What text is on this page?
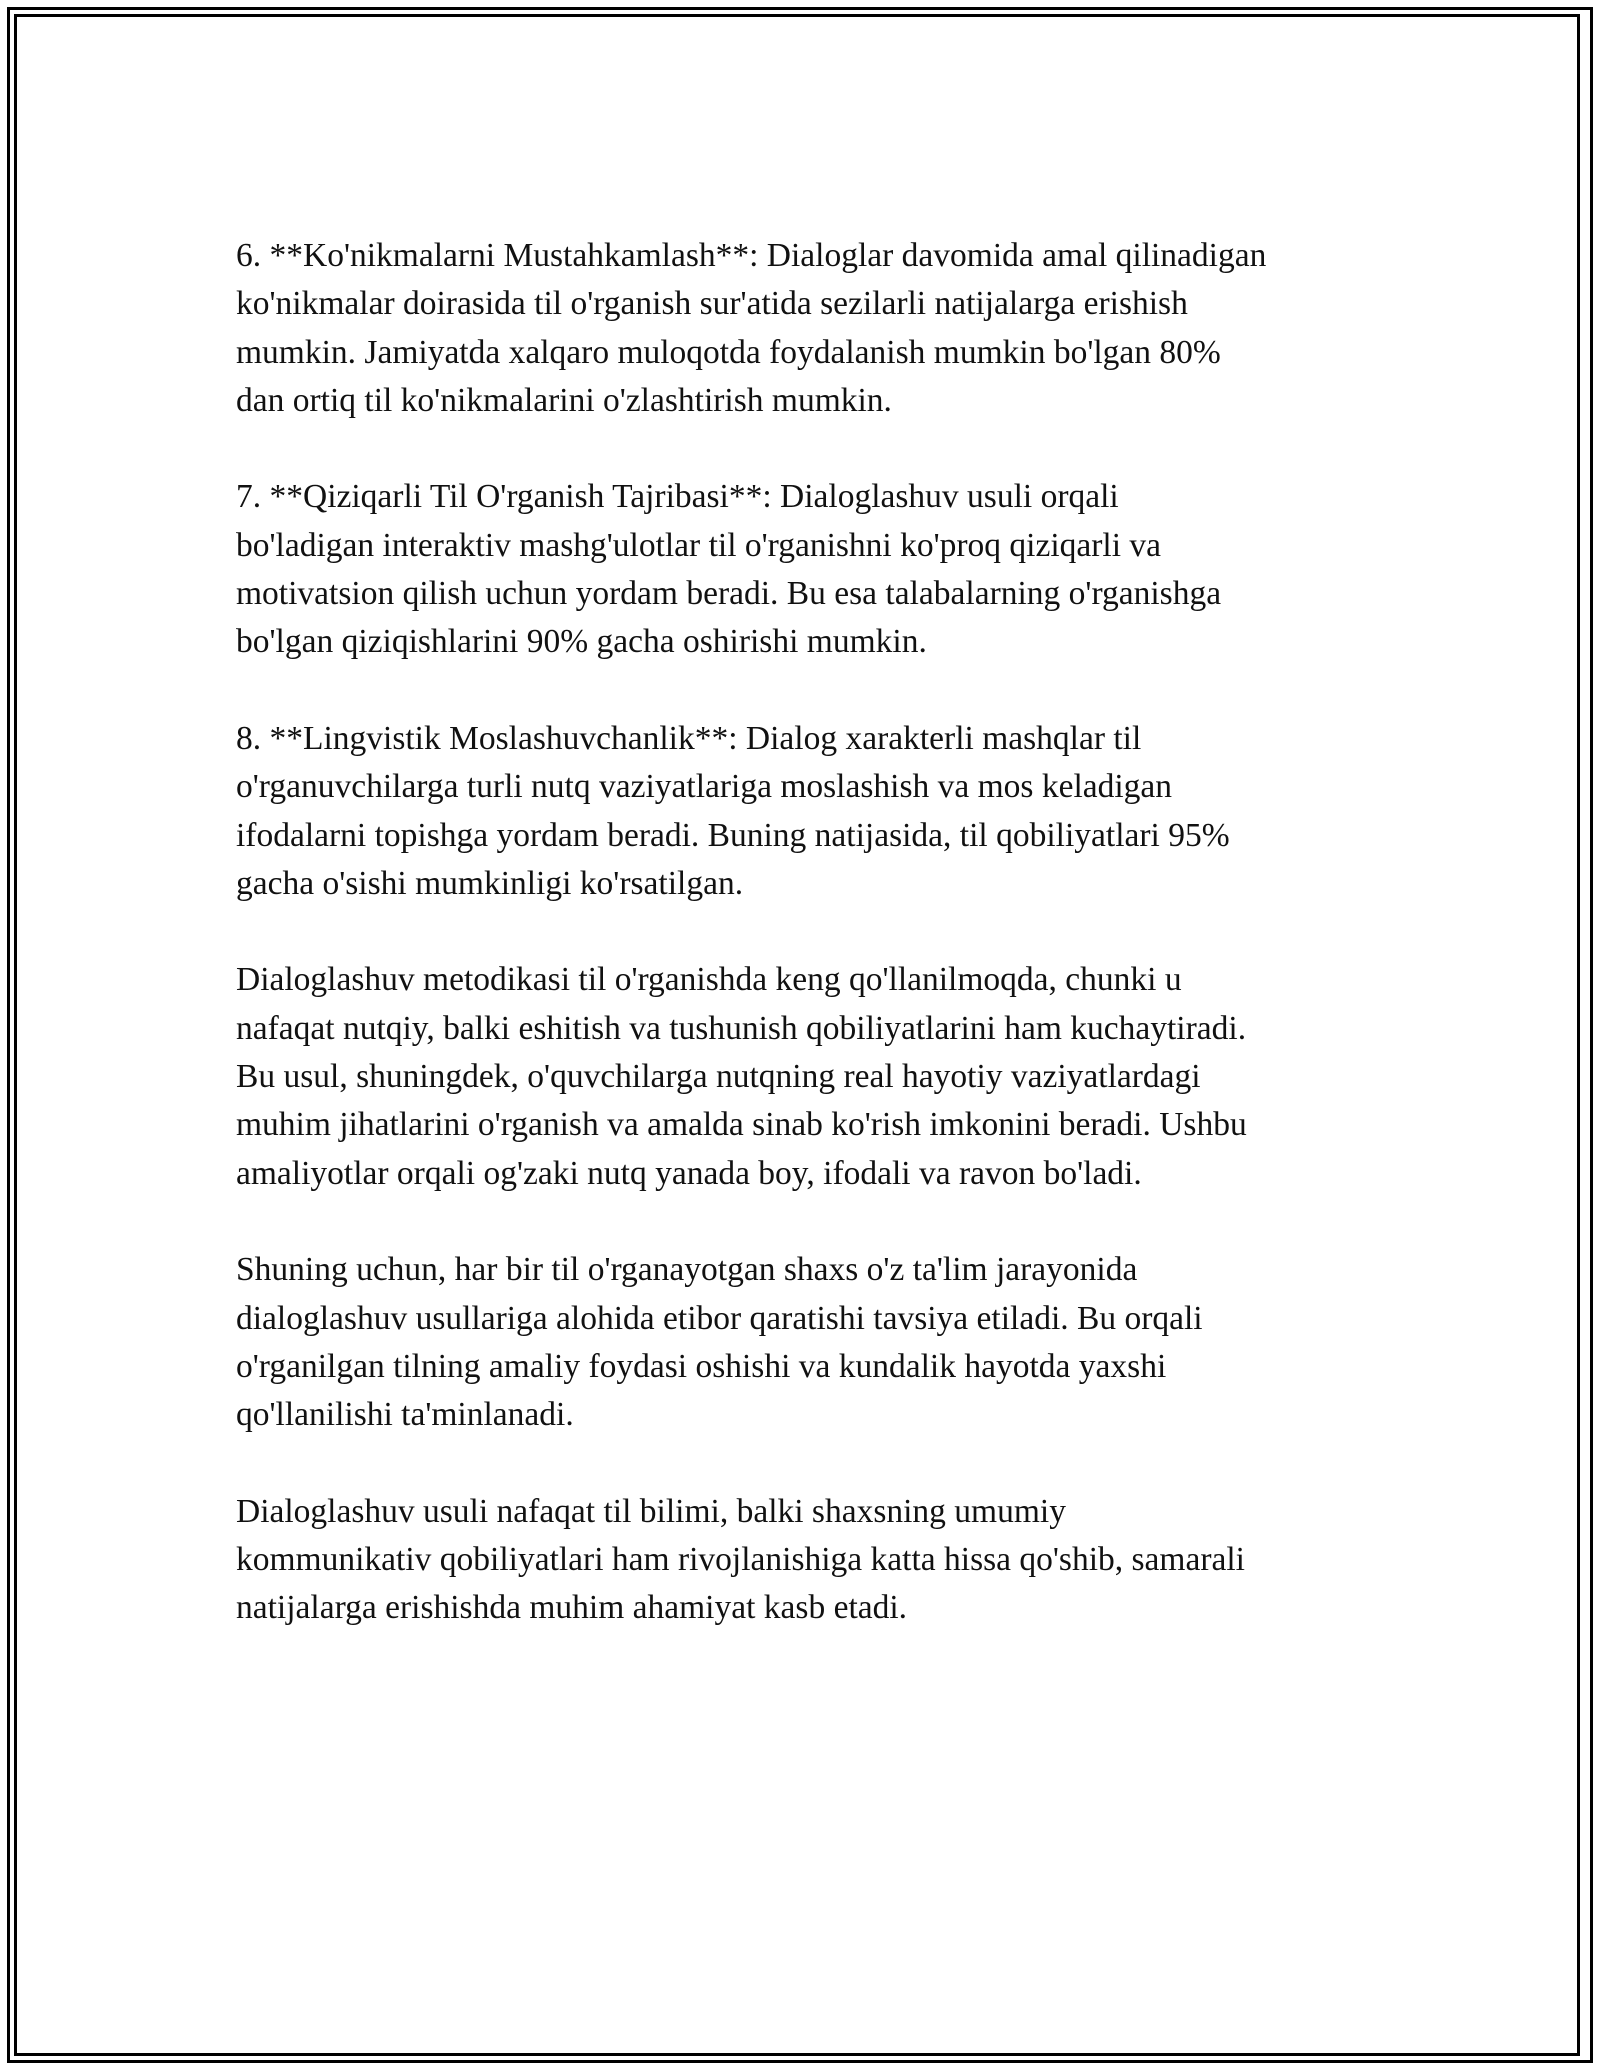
6. **Ko'nikmalarni Mustahkamlash**: Dialoglar davomida amal qilinadigan
ko'nikmalar doirasida til o'rganish sur'atida sezilarli natijalarga erishish
mumkin. Jamiyatda xalqaro muloqotda foydalanish mumkin bo'lgan 80%
dan ortiq til ko'nikmalarini o'zlashtirish mumkin.

7. **Qiziqarli Til O'rganish Tajribasi**: Dialoglashuv usuli orqali
bo'ladigan interaktiv mashg'ulotlar til o'rganishni ko'proq qiziqarli va
motivatsion qilish uchun yordam beradi. Bu esa talabalarning o'rganishga
bo'lgan qiziqishlarini 90% gacha oshirishi mumkin.

8. **Lingvistik Moslashuvchanlik**: Dialog xarakterli mashqlar til
o'rganuvchilarga turli nutq vaziyatlariga moslashish va mos keladigan
ifodalarni topishga yordam beradi. Buning natijasida, til qobiliyatlari 95%
gacha o'sishi mumkinligi ko'rsatilgan.

Dialoglashuv metodikasi til o'rganishda keng qo'llanilmoqda, chunki u
nafaqat nutqiy, balki eshitish va tushunish qobiliyatlarini ham kuchaytiradi.
Bu usul, shuningdek, o'quvchilarga nutqning real hayotiy vaziyatlardagi
muhim jihatlarini o'rganish va amalda sinab ko'rish imkonini beradi. Ushbu
amaliyotlar orqali og'zaki nutq yanada boy, ifodali va ravon bo'ladi.

Shuning uchun, har bir til o'rganayotgan shaxs o'z ta'lim jarayonida
dialoglashuv usullariga alohida etibor qaratishi tavsiya etiladi. Bu orqali
o'rganilgan tilning amaliy foydasi oshishi va kundalik hayotda yaxshi
qo'llanilishi ta'minlanadi.

Dialoglashuv usuli nafaqat til bilimi, balki shaxsning umumiy
kommunikativ qobiliyatlari ham rivojlanishiga katta hissa qo'shib, samarali
natijalarga erishishda muhim ahamiyat kasb etadi.
